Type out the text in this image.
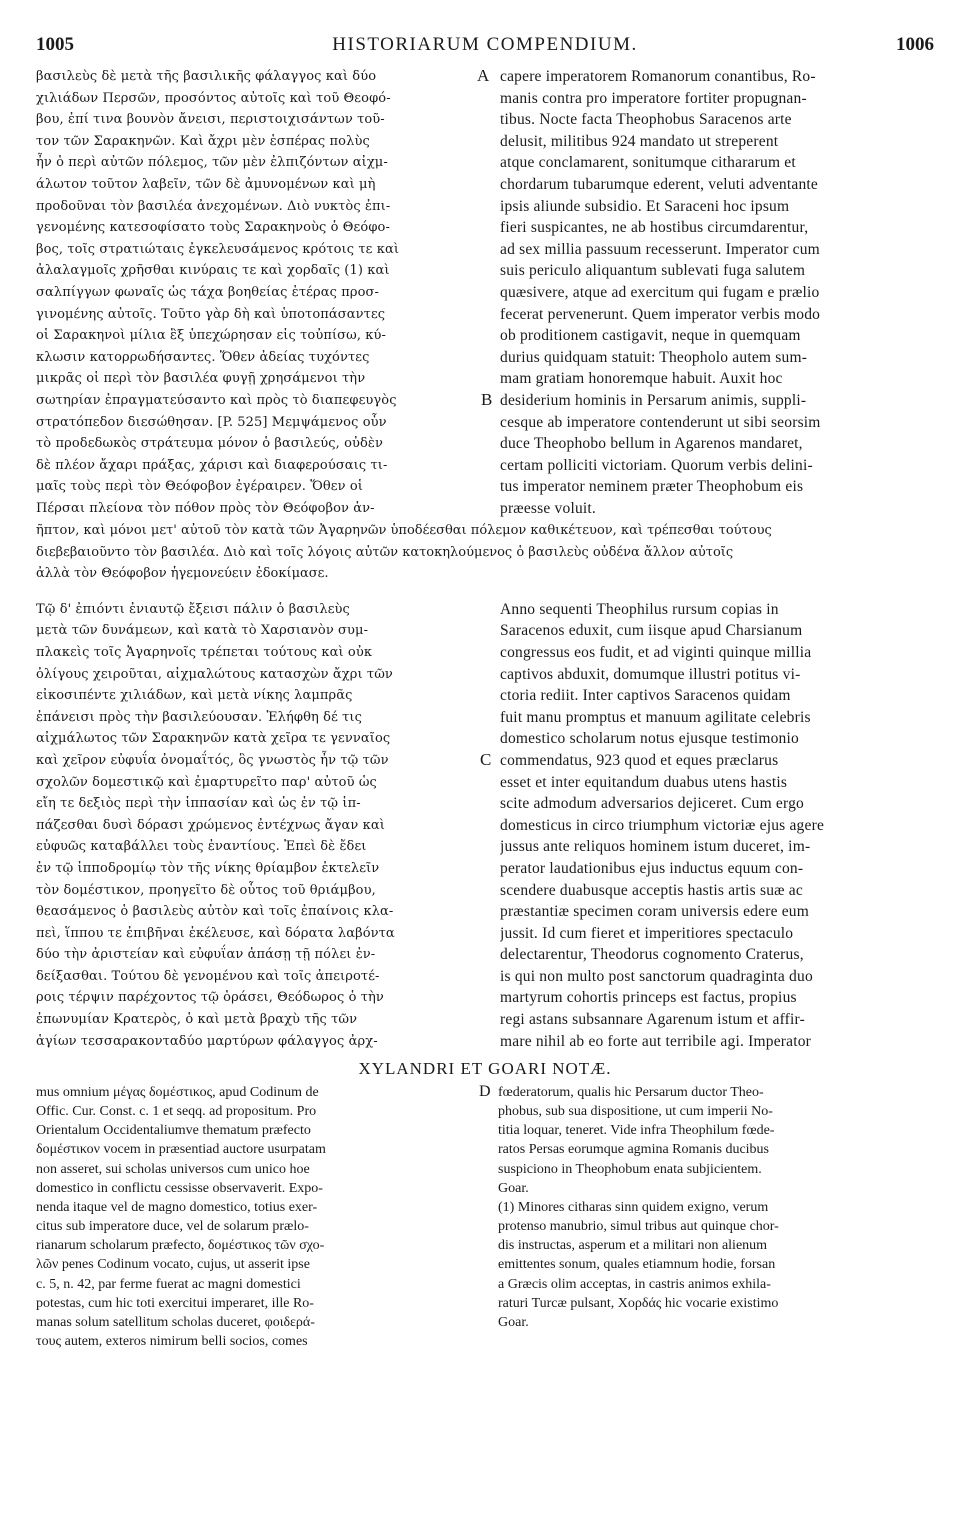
1005	HISTORIARUM COMPENDIUM.	1006
βασιλεὺς δὲ μετὰ τῆς βασιλικῆς φάλαγγος καὶ δύο
χιλιάδων Περσῶν, προσόντος αὐτοῖς καὶ τοῦ Θεοφό-
βου, ἐπί τινα βουνὸν ἄνεισι, περιστοιχισάντων τοῦ-
τον τῶν Σαρακηνῶν. Καὶ ἄχρι μὲν ἑσπέρας πολὺς
ἦν ὁ περὶ αὐτῶν πόλεμος, τῶν μὲν ἐλπιζόντων αἰχμ-
άλωτον τοῦτον λαβεῖν, τῶν δὲ ἀμυνομένων καὶ μὴ
προδοῦναι τὸν βασιλέα ἀνεχομένων. Διὸ νυκτὸς ἐπι-
γενομένης κατεσοφίσατο τοὺς Σαρακηνοὺς ὁ Θεόφο-
βος, τοῖς στρατιώταις ἐγκελευσάμενος κρότοις τε καὶ
ἀλαλαγμοῖς χρῆσθαι κινύραις τε καὶ χορδαῖς (1) καὶ
σαλπίγγων φωναῖς ὡς τάχα βοηθείας ἑτέρας προσ-
γινομένης αὐτοῖς. Τοῦτο γὰρ δὴ καὶ ὑποτοπάσαντες
οἱ Σαρακηνοὶ μίλια ἓξ ὑπεχώρησαν εἰς τοὐπίσω, κύ-
κλωσιν κατορρωδήσαντες. Ὅθεν ἀδείας τυχόντες
μικρᾶς οἱ περὶ τὸν βασιλέα φυγῇ χρησάμενοι τὴν
σωτηρίαν ἐπραγματεύσαντο καὶ πρὸς τὸ διαπεφευγὸς
στρατόπεδον διεσώθησαν. [P. 525] Μεμψάμενος οὖν
τὸ προδεδωκὸς στράτευμα μόνον ὁ βασιλεύς, οὐδὲν
δὲ πλέον ἄχαρι πράξας, χάρισι καὶ διαφερούσαις τι-
μαῖς τοὺς περὶ τὸν Θεόφοβον ἐγέραιρεν. Ὅθεν οἱ
Πέρσαι πλείονα τὸν πόθον πρὸς τὸν Θεόφοβον ἀν-
capere imperatorem Romanorum conantibus, Ro-
manis contra pro imperatore fortiter propugnan-
tibus. Nocte facta Theophobus Saracenos arte
delusit, militibus 924 mandato ut streperent
atque conclamarent, sonitumque cithararum et
chordarum tubarumque ederent, veluti adventante
ipsis aliunde subsidio. Et Saraceni hoc ipsum
fieri suspicantes, ne ab hostibus circumdarentur,
ad sex millia passuum recesserunt. Imperator cum
suis periculo aliquantum sublevati fuga salutem
quæsivere, atque ad exercitum qui fugam e prælio
fecerat pervenerunt. Quem imperator verbis modo
ob proditionem castigavit, neque in quemquam
durius quidquam statuit: Theopholo autem sum-
mam gratiam honoremque habuit. Auxit hoc
desiderium hominis in Persarum animis, suppli-
cesque ab imperatore contenderunt ut sibi seorsim
duce Theophobo bellum in Agarenos mandaret,
certam polliciti victoriam. Quorum verbis delini-
tus imperator neminem præter Theophobum eis
præesse voluit.
A
B
ῆπτον, καὶ μόνοι μετ' αὐτοῦ τὸν κατὰ τῶν Ἀγαρηνῶν ὑποδέεσθαι πόλεμον καθικέτευον, καὶ τρέπεσθαι τούτους
διεβεβαιοῦντο τὸν βασιλέα. Διὸ καὶ τοῖς λόγοις αὐτῶν κατοκηλούμενος ὁ βασιλεὺς οὐδένα ἄλλον αὐτοῖς
ἀλλὰ τὸν Θεόφοβον ἡγεμονεύειν ἐδοκίμασε.
Τῷ δ' ἐπιόντι ἐνιαυτῷ ἔξεισι πάλιν ὁ βασιλεὺς
μετὰ τῶν δυνάμεων, καὶ κατὰ τὸ Χαρσιανὸν συμ-
πλακεὶς τοῖς Ἀγαρηνοῖς τρέπεται τούτους καὶ οὐκ
ὀλίγους χειροῦται, αἰχμαλώτους κατασχὼν ἄχρι τῶν
εἰκοσιπέντε χιλιάδων, καὶ μετὰ νίκης λαμπρᾶς
ἐπάνεισι πρὸς τὴν βασιλεύουσαν. Ἐλήφθη δέ τις
αἰχμάλωτος τῶν Σαρακηνῶν κατὰ χεῖρα τε γενναῖος
καὶ χεῖρον εὐφυΐα ὀνομαΐτός, ὃς γνωστὸς ἦν τῷ τῶν
σχολῶν δομεστικῷ καὶ ἐμαρτυρεῖτο παρ' αὐτοῦ ὡς
εἴη τε δεξιὸς περὶ τὴν ἱππασίαν καὶ ὡς ἐν τῷ ἱπ-
πάζεσθαι δυσὶ δόρασι χρώμενος ἐντέχνως ἄγαν καὶ
εὐφυῶς καταβάλλει τοὺς ἐναντίους. Ἐπεὶ δὲ ἔδει
ἐν τῷ ἱπποδρομίῳ τὸν τῆς νίκης θρίαμβον ἐκτελεῖν
τὸν δομέστικον, προηγεῖτο δὲ οὗτος τοῦ θριάμβου,
θεασάμενος ὁ βασιλεὺς αὐτὸν καὶ τοῖς ἐπαίνοις κλα-
πεὶ, ἵππου τε ἐπιβῆναι ἐκέλευσε, καὶ δόρατα λαβόντα
δύο τὴν ἀριστείαν καὶ εὐφυΐαν ἁπάσῃ τῇ πόλει ἐν-
δείξασθαι. Τούτου δὲ γενομένου καὶ τοῖς ἀπειροτέ-
ροις τέρψιν παρέχοντος τῷ ὁράσει, Θεόδωρος ὁ τὴν
ἐπωνυμίαν Κρατερὸς, ὁ καὶ μετὰ βραχὺ τῆς τῶν
ἁγίων τεσσαρακονταδύο μαρτύρων φάλαγγος ἀρχ-
Anno sequenti Theophilus rursum copias in
Saracenos eduxit, cum iisque apud Charsianum
congressus eos fudit, et ad viginti quinque millia
captivos abduxit, domumque illustri potitus vi-
ctoria rediit. Inter captivos Saracenos quidam
fuit manu promptus et manuum agilitate celebris
domestico scholarum notus ejusque testimonio
commendatus, 923 quod et eques præclarus
esset et inter equitandum duabus utens hastis
scite admodum adversarios dejiceret. Cum ergo
domesticus in circo triumphum victoriæ ejus agere
jussus ante reliquos hominem istum duceret, im-
perator laudationibus ejus inductus equum con-
scendere duabusque acceptis hastis artis suæ ac
præstantiæ specimen coram universis edere eum
jussit. Id cum fieret et imperitiores spectaculo
delectarentur, Theodorus cognomento Craterus,
is qui non multo post sanctorum quadraginta duo
martyrum cohortis princeps est factus, propius
regi astans subsannare Agarenum istum et affir-
mare nihil ab eo forte aut terribile agi. Imperator
C
XYLANDRI ET GOARI NOTÆ.
mus omnium μέγας δομέστικος, apud Codinum de
Offic. Cur. Const. c. 1 et seqq. ad propositum. Pro
Orientalum Occidentaliumve thematum præfecto
δομέστικον vocem in præsentiad auctore usurpatam
non asseret, sui scholas universos cum unico hoe
domestico in conflictu cessisse observaverit. Expo-
nenda itaque vel de magno domestico, totius exer-
citus sub imperatore duce, vel de solarum prælo-
rianarum scholarum præfecto, δομέστικος τῶν σχο-
λῶν penes Codinum vocato, cujus, ut asserit ipse
c. 5, n. 42, par ferme fuerat ac magni domestici
potestas, cum hic toti exercitui imperaret, ille Ro-
manas solum satellitum scholas duceret, φοιδερά-
τους autem, exteros nimirum belli socios, comes
fœderatorum, qualis hic Persarum ductor Theo-
phobus, sub sua dispositione, ut cum imperii No-
titia loquar, teneret. Vide infra Theophilum fœde-
ratos Persas eorumque agmina Romanis ducibus
suspiciono in Theophobum enata subjicientem.
Goar.
(1) Minores citharas sinn quidem exigno, verum
protenso manubrio, simul tribus aut quinque chor-
dis instructas, asperum et a militari non alienum
emittentes sonum, quales etiamnum hodie, forsan
a Græcis olim acceptas, in castris animos exhila-
raturi Turcæ pulsant, Χορδάς hic vocarie existimo
Goar.
D
